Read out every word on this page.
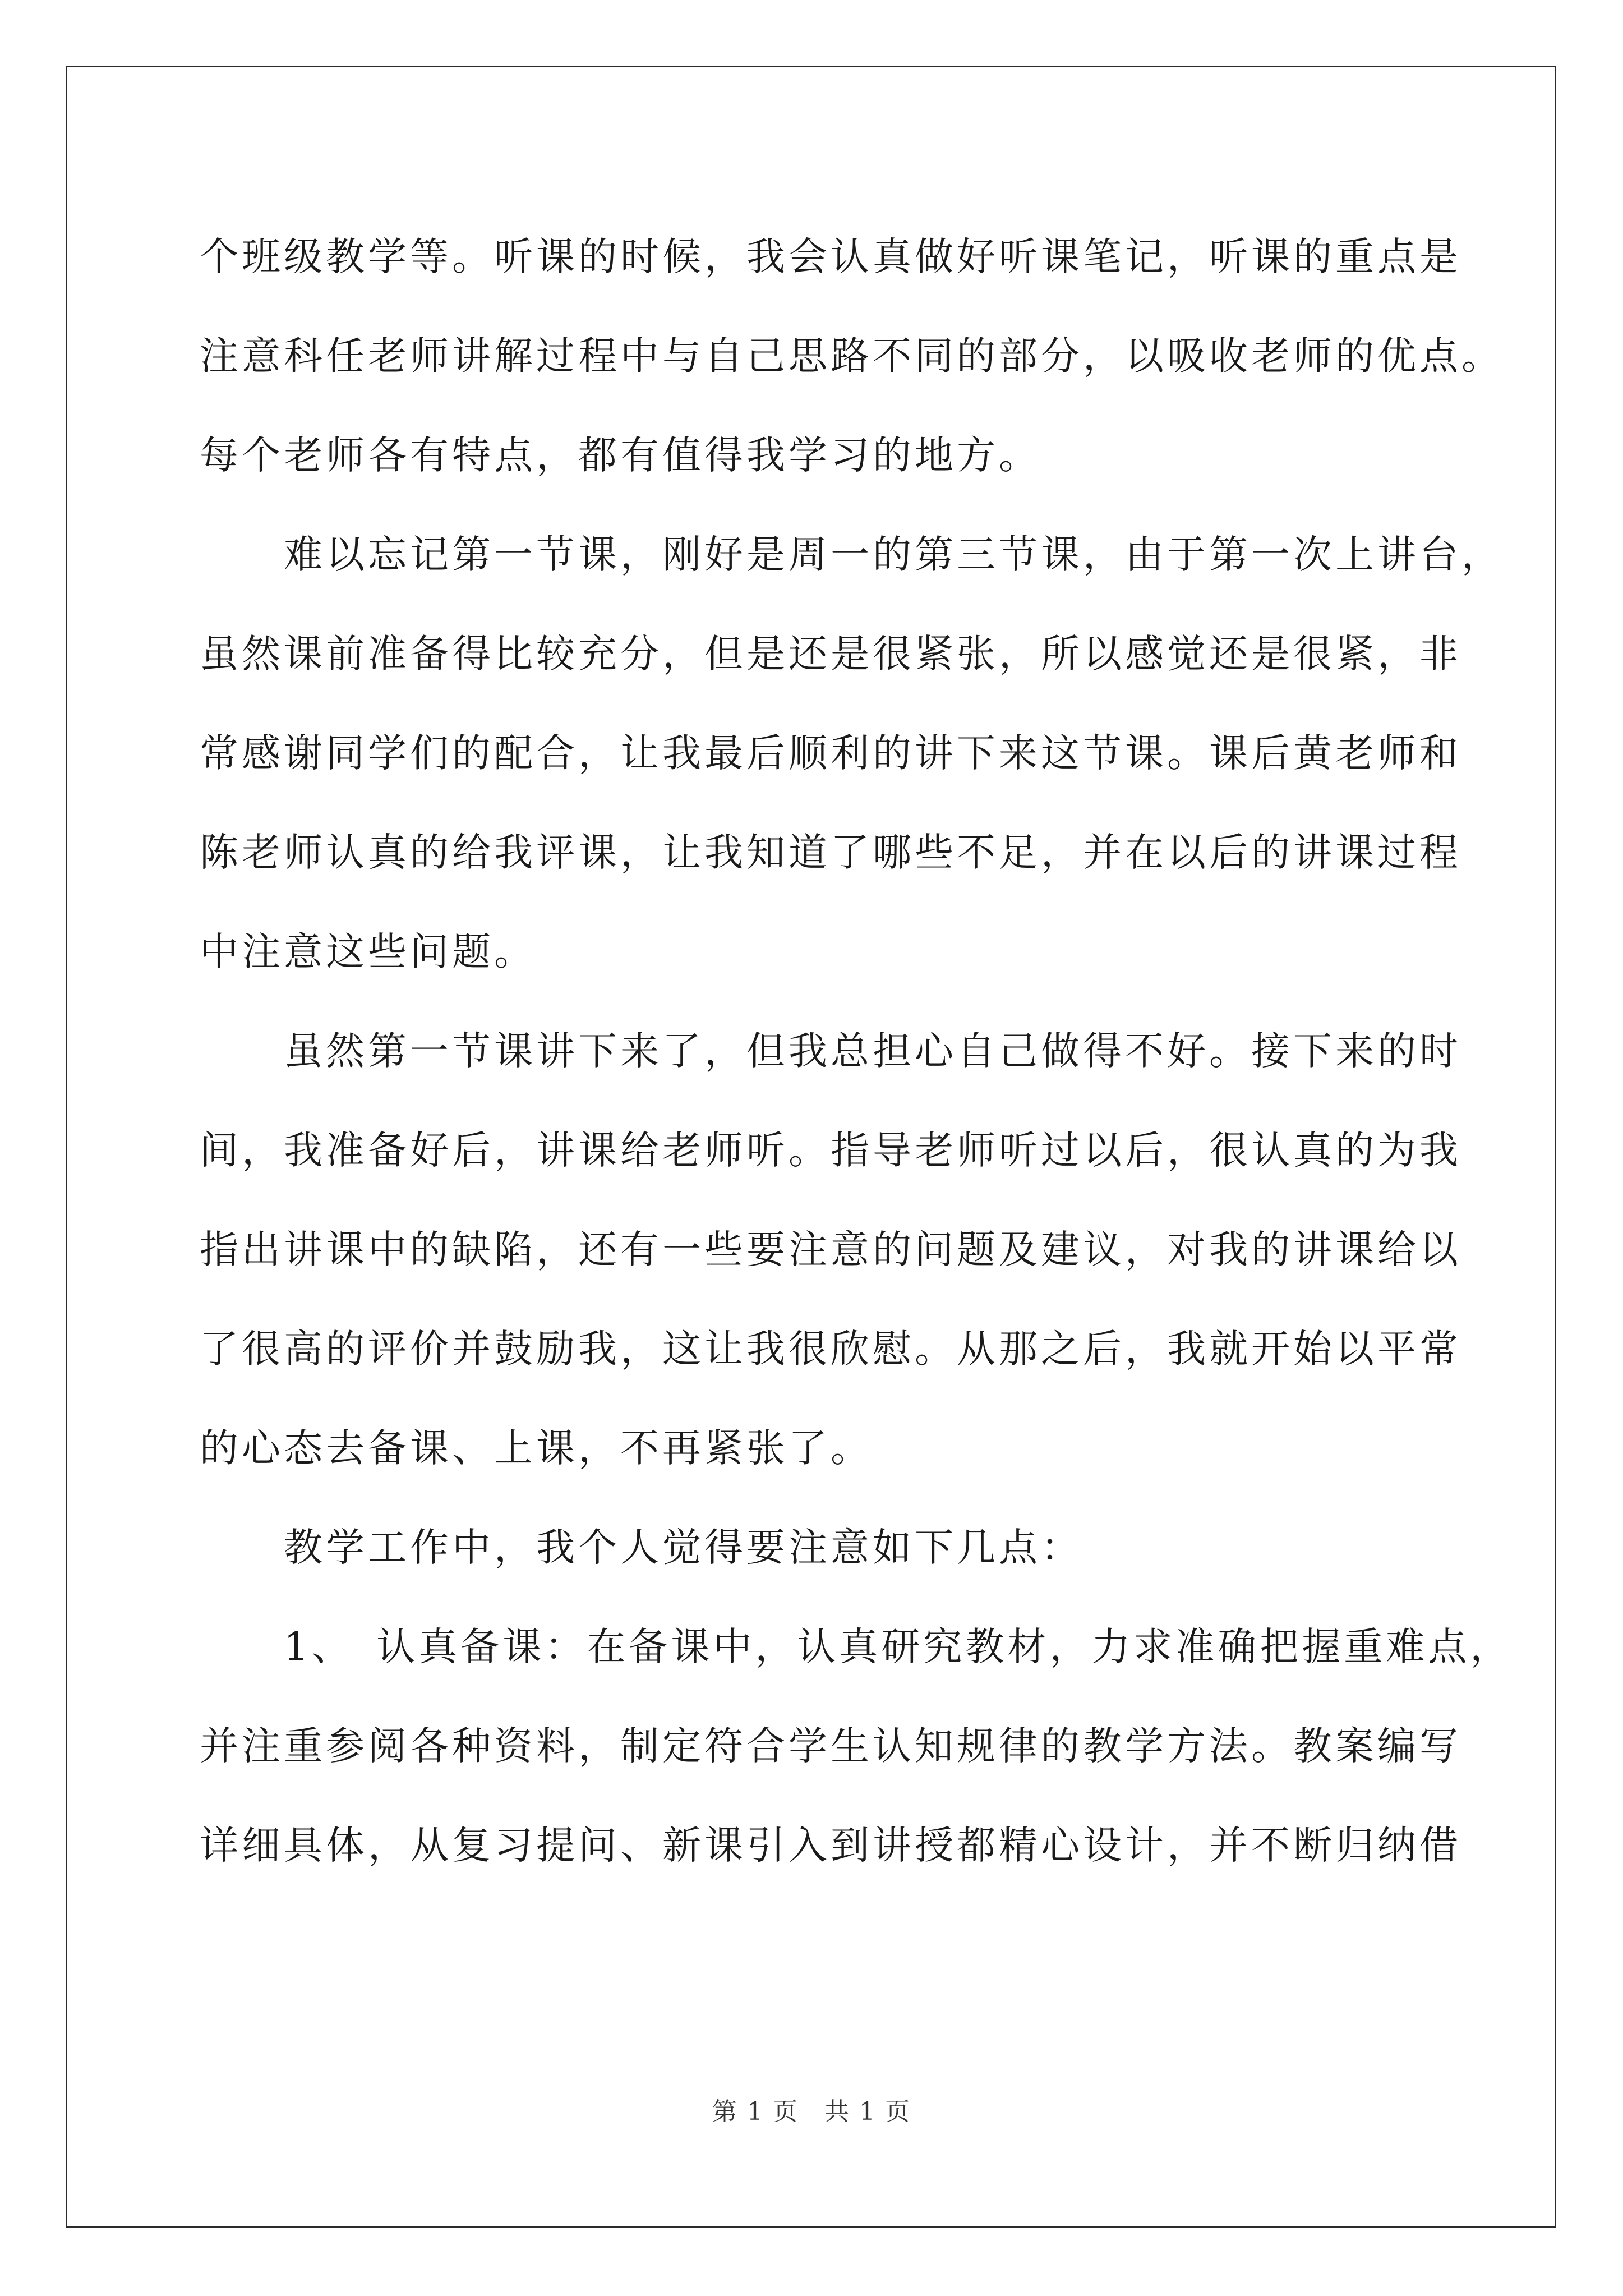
个班级教学等。听课的时候，我会认真做好听课笔记，听课的重点是
注意科任老师讲解过程中与自己思路不同的部分，以吸收老师的优点。
每个老师各有特点，都有值得我学习的地方。
　　难以忘记第一节课，刚好是周一的第三节课，由于第一次上讲台，
虽然课前准备得比较充分，但是还是很紧张，所以感觉还是很紧，非
常感谢同学们的配合，让我最后顺利的讲下来这节课。课后黄老师和
陈老师认真的给我评课，让我知道了哪些不足，并在以后的讲课过程
中注意这些问题。
　　虽然第一节课讲下来了，但我总担心自己做得不好。接下来的时
间，我准备好后，讲课给老师听。指导老师听过以后，很认真的为我
指出讲课中的缺陷，还有一些要注意的问题及建议，对我的讲课给以
了很高的评价并鼓励我，这让我很欣慰。从那之后，我就开始以平常
的心态去备课、上课，不再紧张了。
　　教学工作中，我个人觉得要注意如下几点：
　　1、　认真备课：在备课中，认真研究教材，力求准确把握重难点，
并注重参阅各种资料，制定符合学生认知规律的教学方法。教案编写
详细具体，从复习提问、新课引入到讲授都精心设计，并不断归纳借
第 1 页　共 1 页
